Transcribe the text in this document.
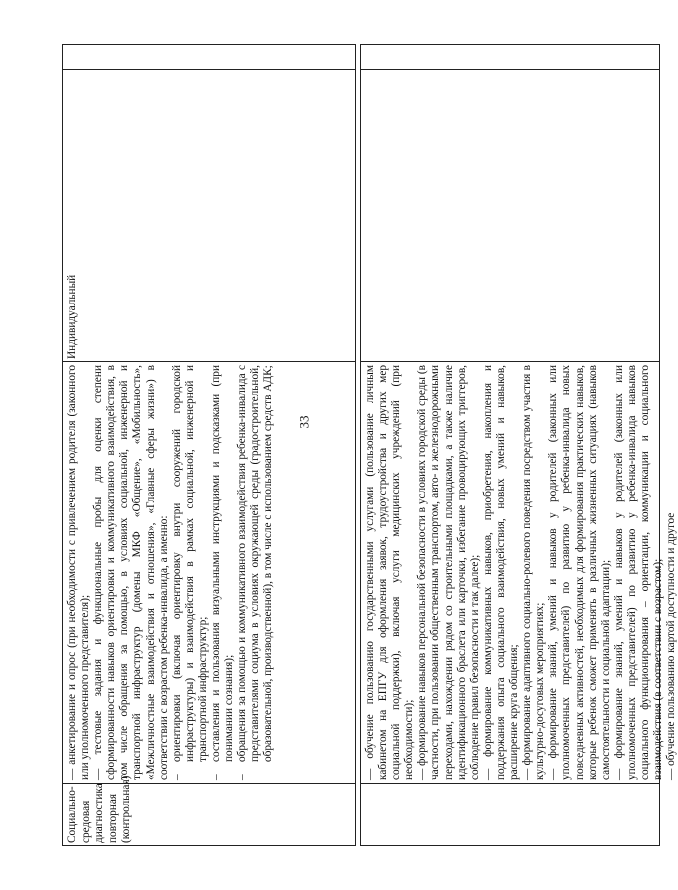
33
Социально-средовая диагностика повторная (контрольная)

— анкетирование и опрос (при необходимости с привлечением родителя (законного или уполномоченного представителя); — тестовые задания и функциональные пробы для оценки степени сформированности навыков ориентировки и коммуникативного взаимодействия, в том числе обращения за помощью, в условиях социальной, инженерной и транспортной инфраструктур (домены МКФ «Общение», «Мобильность», «Межличностные взаимодействия и отношения», «Главные сферы жизни») в соответствии с возрастом ребенка-инвалида, а именно: –
ориентировки (включая ориентировку внутри сооружений городской инфраструктуры) и взаимодействия в рамках социальной, инженерной и транспортной инфраструктур;
–
составления и пользования визуальными инструкциями и подсказками (при понимании сознания);
–
обращения за помощью и коммуникативного взаимодействия ребенка-инвалида с представителями социума в условиях окружающей среды (градостроительной, образовательной, производственной), в том числе с использованием средств АДК;
Индивидуальный

— обучение пользованию государственными услугами (пользование личным кабинетом на ЕПГУ для оформления заявок, трудоустройства и других мер социальной поддержки), включая услуги медицинских учреждений (при необходимости); — формирование навыков персональной безопасности в условиях городской среды (в частности, при пользовании общественным транспортом, авто- и железнодорожными переходами, нахождении рядом со строительными площадками, а также наличие идентификационного браслета или карточки, избегание провоцирующих триггеров, соблюдение правил безопасности и так далее); — формирование коммуникативных навыков, приобретения, накопления и поддержания опыта социального взаимодействия, новых умений и навыков, расширение круга общения; — формирование адаптивного социально-ролевого поведения посредством участия в культурно-досуговых мероприятиях; — формирование знаний, умений и навыков у родителей (законных или уполномоченных представителей) по развитию у ребенка-инвалида новых повседневных активностей, необходимых для формирования практических навыков, которые ребенок сможет применять в различных жизненных ситуациях (навыков самостоятельности и социальной адаптации); — формирование знаний, умений и навыков у родителей (законных или уполномоченных представителей) по развитию у ребенка-инвалида навыков социального функционирования – ориентации, коммуникации и социального взаимодействия (в соответствии с возрастом); — обучение пользованию картой доступности и другое
